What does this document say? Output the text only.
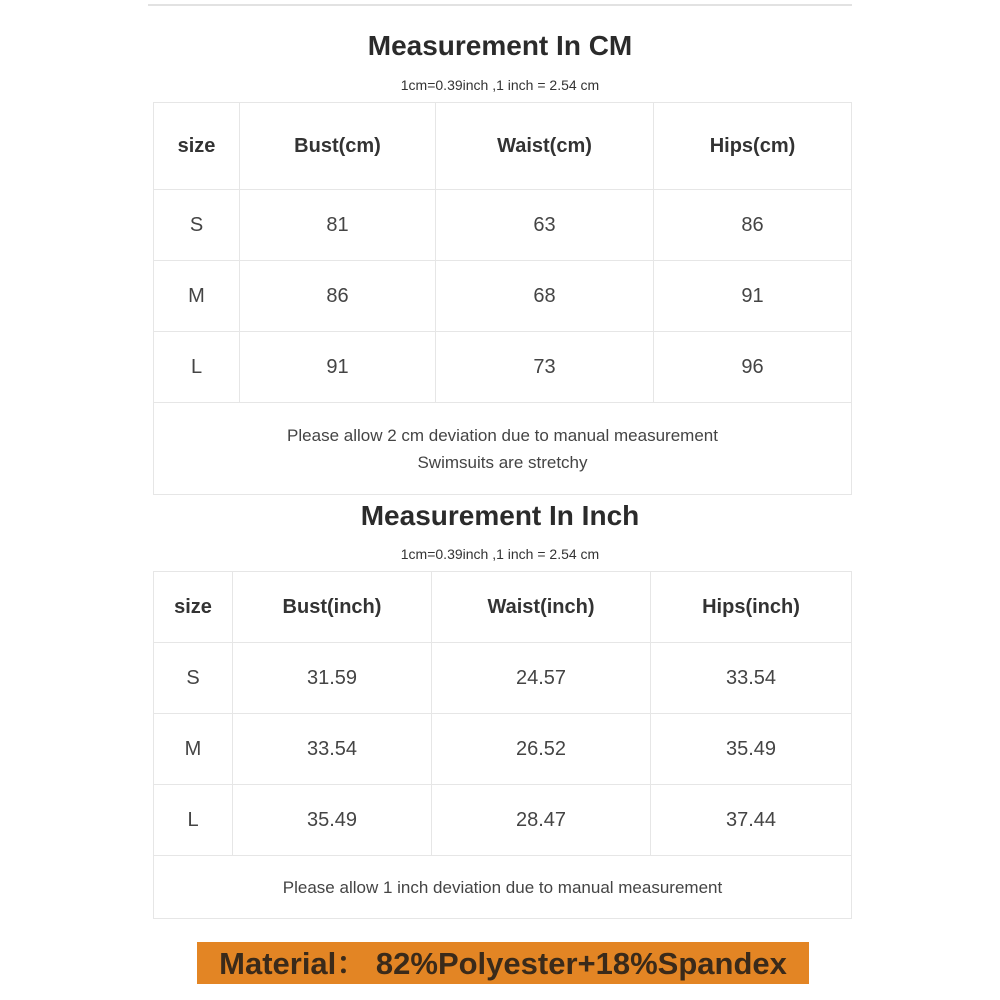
Measurement In CM
1cm=0.39inch ,1 inch = 2.54 cm
size	Bust(cm)	Waist(cm)	Hips(cm)
S	81	63	86
M	86	68	91
L	91	73	96

Please allow 2 cm deviation due to manual measurement
Swimsuits are stretchy			
Measurement In Inch
1cm=0.39inch ,1 inch = 2.54 cm
size	Bust(inch)	Waist(inch)	Hips(inch)
S	31.59	24.57	33.54
M	33.54	26.52	35.49
L	35.49	28.47	37.44

Please allow 1 inch deviation due to manual measurement			
Material： 82%Polyester+18%Spandex
